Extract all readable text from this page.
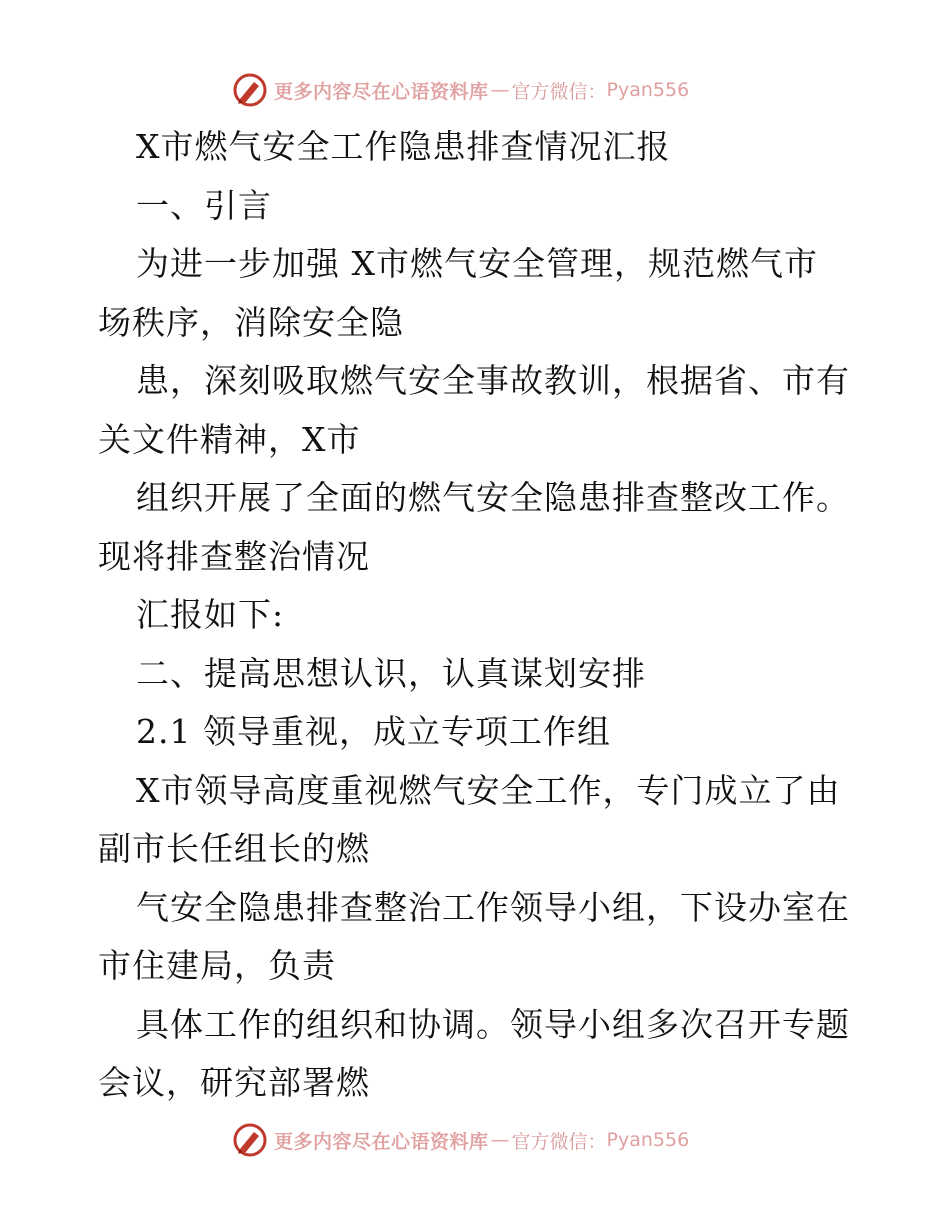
更多内容尽在心语资料库 — 官方微信： Pyan556
X市燃气安全工作隐患排查情况汇报
一、引言
为进一步加强 X市燃气安全管理，规范燃气市
场秩序，消除安全隐
患，深刻吸取燃气安全事故教训，根据省、市有
关文件精神，X市
组织开展了全面的燃气安全隐患排查整改工作。
现将排查整治情况
汇报如下:
二、提高思想认识，认真谋划安排
2.1 领导重视，成立专项工作组
X市领导高度重视燃气安全工作，专门成立了由
副市长任组长的燃
气安全隐患排查整治工作领导小组，下设办室在
市住建局，负责
具体工作的组织和协调。领导小组多次召开专题
会议，研究部署燃
更多内容尽在心语资料库 — 官方微信： Pyan556
